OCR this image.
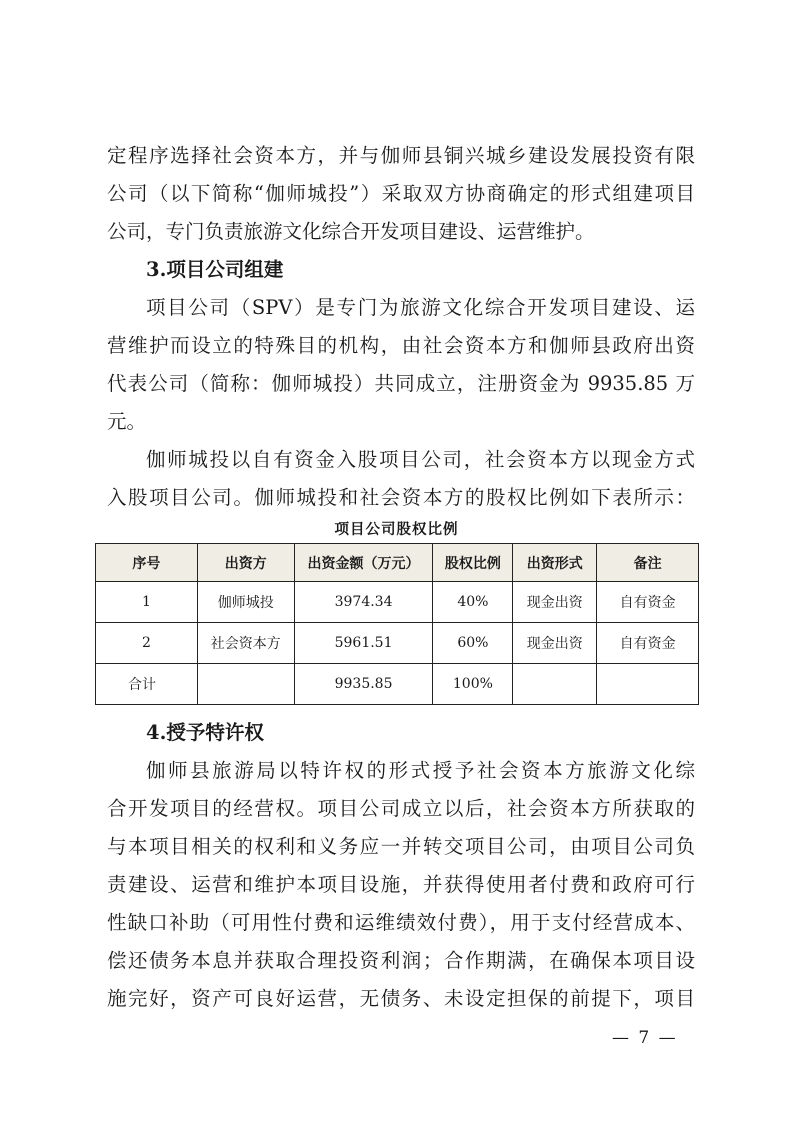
定程序选择社会资本方，并与伽师县铜兴城乡建设发展投资有限
公司（以下简称“伽师城投”）采取双方协商确定的形式组建项目
公司，专门负责旅游文化综合开发项目建设、运营维护。
3.项目公司组建
项目公司（SPV）是专门为旅游文化综合开发项目建设、运
营维护而设立的特殊目的机构，由社会资本方和伽师县政府出资
代表公司（简称：伽师城投）共同成立，注册资金为 9935.85 万
元。
伽师城投以自有资金入股项目公司，社会资本方以现金方式
入股项目公司。伽师城投和社会资本方的股权比例如下表所示：
项目公司股权比例
序号	出资方	出资金额（万元）	股权比例	出资形式	备注
1	伽师城投	3974.34	40%	现金出资	自有资金
2	社会资本方	5961.51	60%	现金出资	自有资金
合计		9935.85	100%		
4.授予特许权
伽师县旅游局以特许权的形式授予社会资本方旅游文化综
合开发项目的经营权。项目公司成立以后，社会资本方所获取的
与本项目相关的权利和义务应一并转交项目公司，由项目公司负
责建设、运营和维护本项目设施，并获得使用者付费和政府可行
性缺口补助（可用性付费和运维绩效付费），用于支付经营成本、
偿还债务本息并获取合理投资利润；合作期满，在确保本项目设
施完好，资产可良好运营，无债务、未设定担保的前提下，项目
— 7 —
